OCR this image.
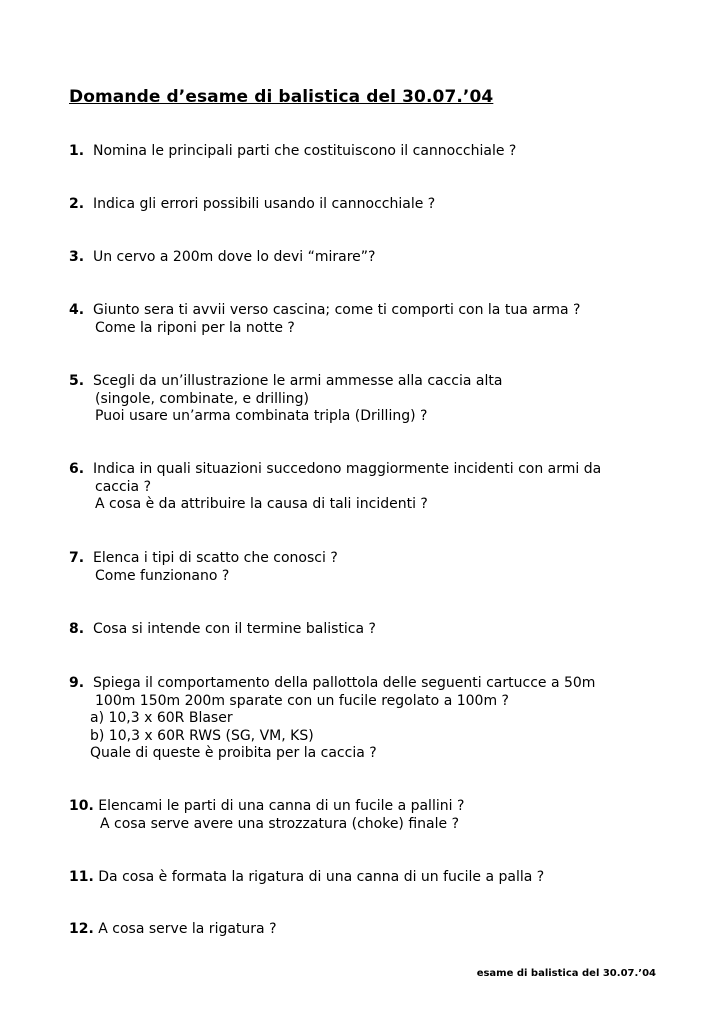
Domande d’esame di balistica del 30.07.’04
1. Nomina le principali parti che costituiscono il cannocchiale ?
2. Indica gli errori possibili usando il cannocchiale ?
3. Un cervo a 200m dove lo devi “mirare”?
4. Giunto sera ti avvii verso cascina; come ti comporti con la tua arma ?
Come la riponi per la notte ?
5. Scegli da un’illustrazione le armi ammesse alla caccia alta
(singole, combinate, e drilling)
Puoi usare un’arma combinata tripla (Drilling) ?
6. Indica in quali situazioni succedono maggiormente incidenti con armi da
caccia ?
A cosa è da attribuire la causa di tali incidenti ?
7. Elenca i tipi di scatto che conosci ?
Come funzionano ?
8. Cosa si intende con il termine balistica ?
9. Spiega il comportamento della pallottola delle seguenti cartucce a 50m
100m 150m 200m sparate con un fucile regolato a 100m ?
a) 10,3 x 60R Blaser
b) 10,3 x 60R RWS (SG, VM, KS)
Quale di queste è proibita per la caccia ?
10. Elencami le parti di una canna di un fucile a pallini ?
A cosa serve avere una strozzatura (choke) finale ?
11. Da cosa è formata la rigatura di una canna di un fucile a palla ?
12. A cosa serve la rigatura ?
esame di balistica del 30.07.’04
